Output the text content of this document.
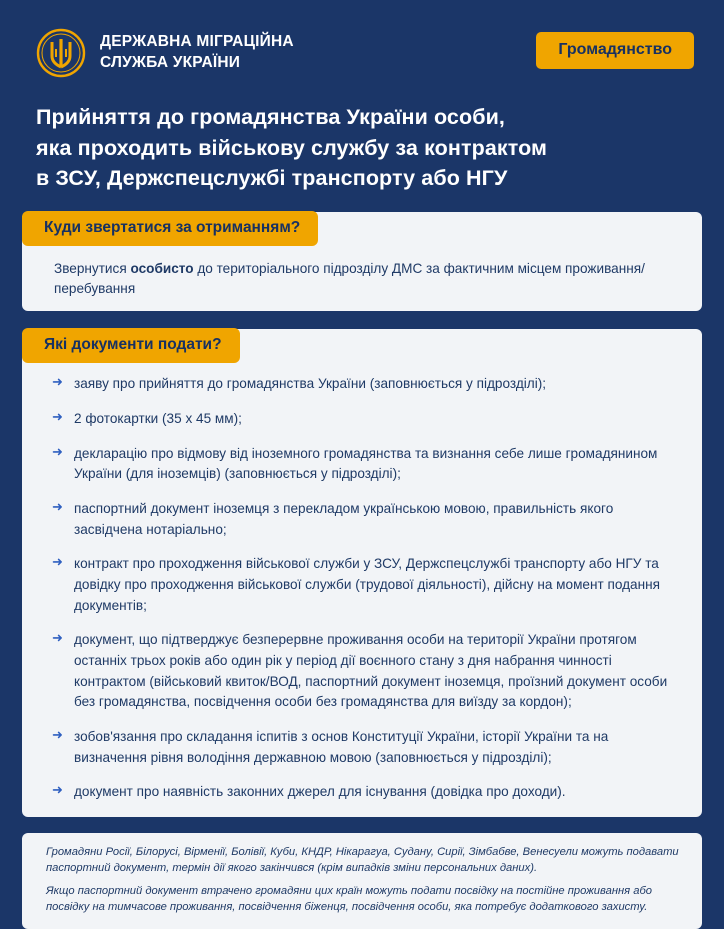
ДЕРЖАВНА МІГРАЦІЙНА
СЛУЖБА УКРАЇНИ
Громадянство
Прийняття до громадянства України особи,
яка проходить військову службу за контрактом
в ЗСУ, Держспецслужбі транспорту або НГУ
Куди звертатися за отриманням?
Звернутися особисто до територіального підрозділу ДМС за фактичним місцем проживання/перебування
Які документи подати?
➜ заяву про прийняття до громадянства України (заповнюється у підрозділі);
➜ 2 фотокартки (35 х 45 мм);
➜ декларацію про відмову від іноземного громадянства та визнання себе лише громадянином України (для іноземців) (заповнюється у підрозділі);
➜ паспортний документ іноземця з перекладом українською мовою, правильність якого засвідчена нотаріально;
➜ контракт про проходження військової служби у ЗСУ, Держспецслужбі транспорту або НГУ та довідку про проходження військової служби (трудової діяльності), дійсну на момент подання документів;
➜ документ, що підтверджує безперервне проживання особи на території України протягом останніх трьох років або один рік у період дії воєнного стану з дня набрання чинності контрактом (військовий квиток/ВОД, паспортний документ іноземця, проїзний документ особи без громадянства, посвідчення особи без громадянства для виїзду за кордон);
➜ зобов'язання про складання іспитів з основ Конституції України, історії України та на визначення рівня володіння державною мовою (заповнюється у підрозділі);
➜ документ про наявність законних джерел для існування (довідка про доходи).

Громадяни Росії, Білорусі, Вірменії, Болівії, Куби, КНДР, Нікарагуа, Судану, Сирії, Зімбабве, Венесуели можуть подавати паспортний документ, термін дії якого закінчився (крім випадків зміни персональних даних).

Якщо паспортний документ втрачено громадяни цих країн можуть подати посвідку на постійне проживання або посвідку на тимчасове проживання, посвідчення біженця, посвідчення особи, яка потребує додаткового захисту.
